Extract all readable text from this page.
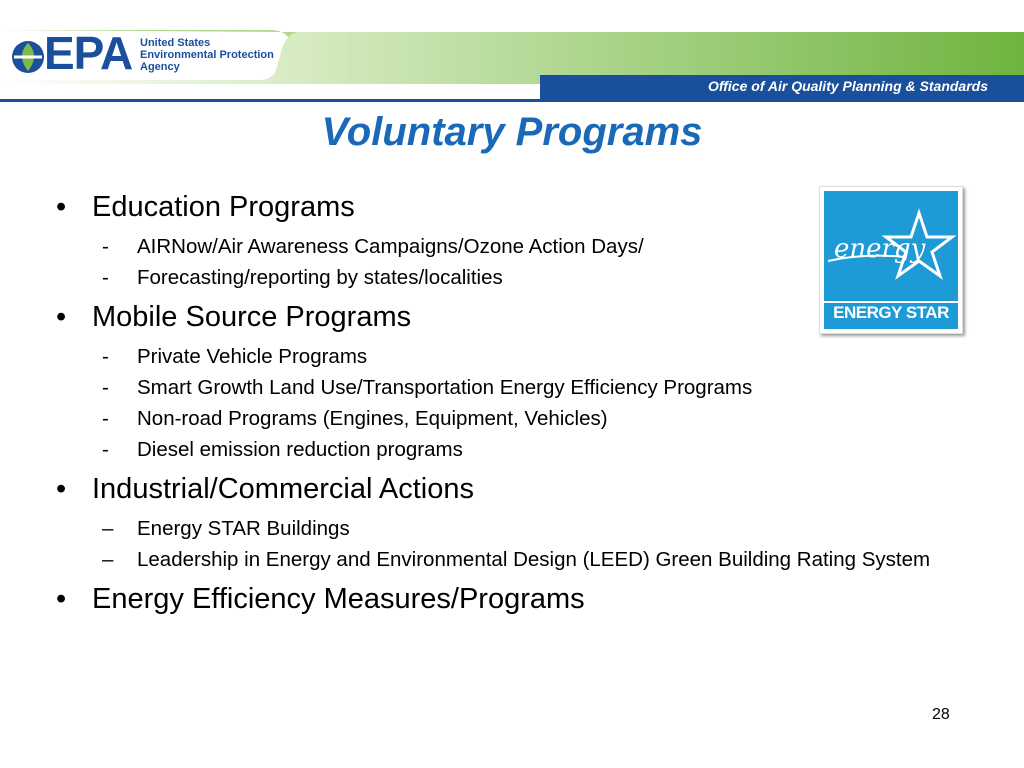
EPA United States
Environmental Protection
Agency
Office of Air Quality Planning & Standards
Voluntary Programs
• Education Programs
- AIRNow/Air Awareness Campaigns/Ozone Action Days/
- Forecasting/reporting by states/localities
• Mobile Source Programs
- Private Vehicle Programs
- Smart Growth Land Use/Transportation Energy Efficiency Programs
- Non-road Programs (Engines, Equipment, Vehicles)
- Diesel emission reduction programs
• Industrial/Commercial Actions
– Energy STAR Buildings
– Leadership in Energy and Environmental Design (LEED) Green Building Rating System
• Energy Efficiency Measures/Programs
energy
ENERGY STAR
28
